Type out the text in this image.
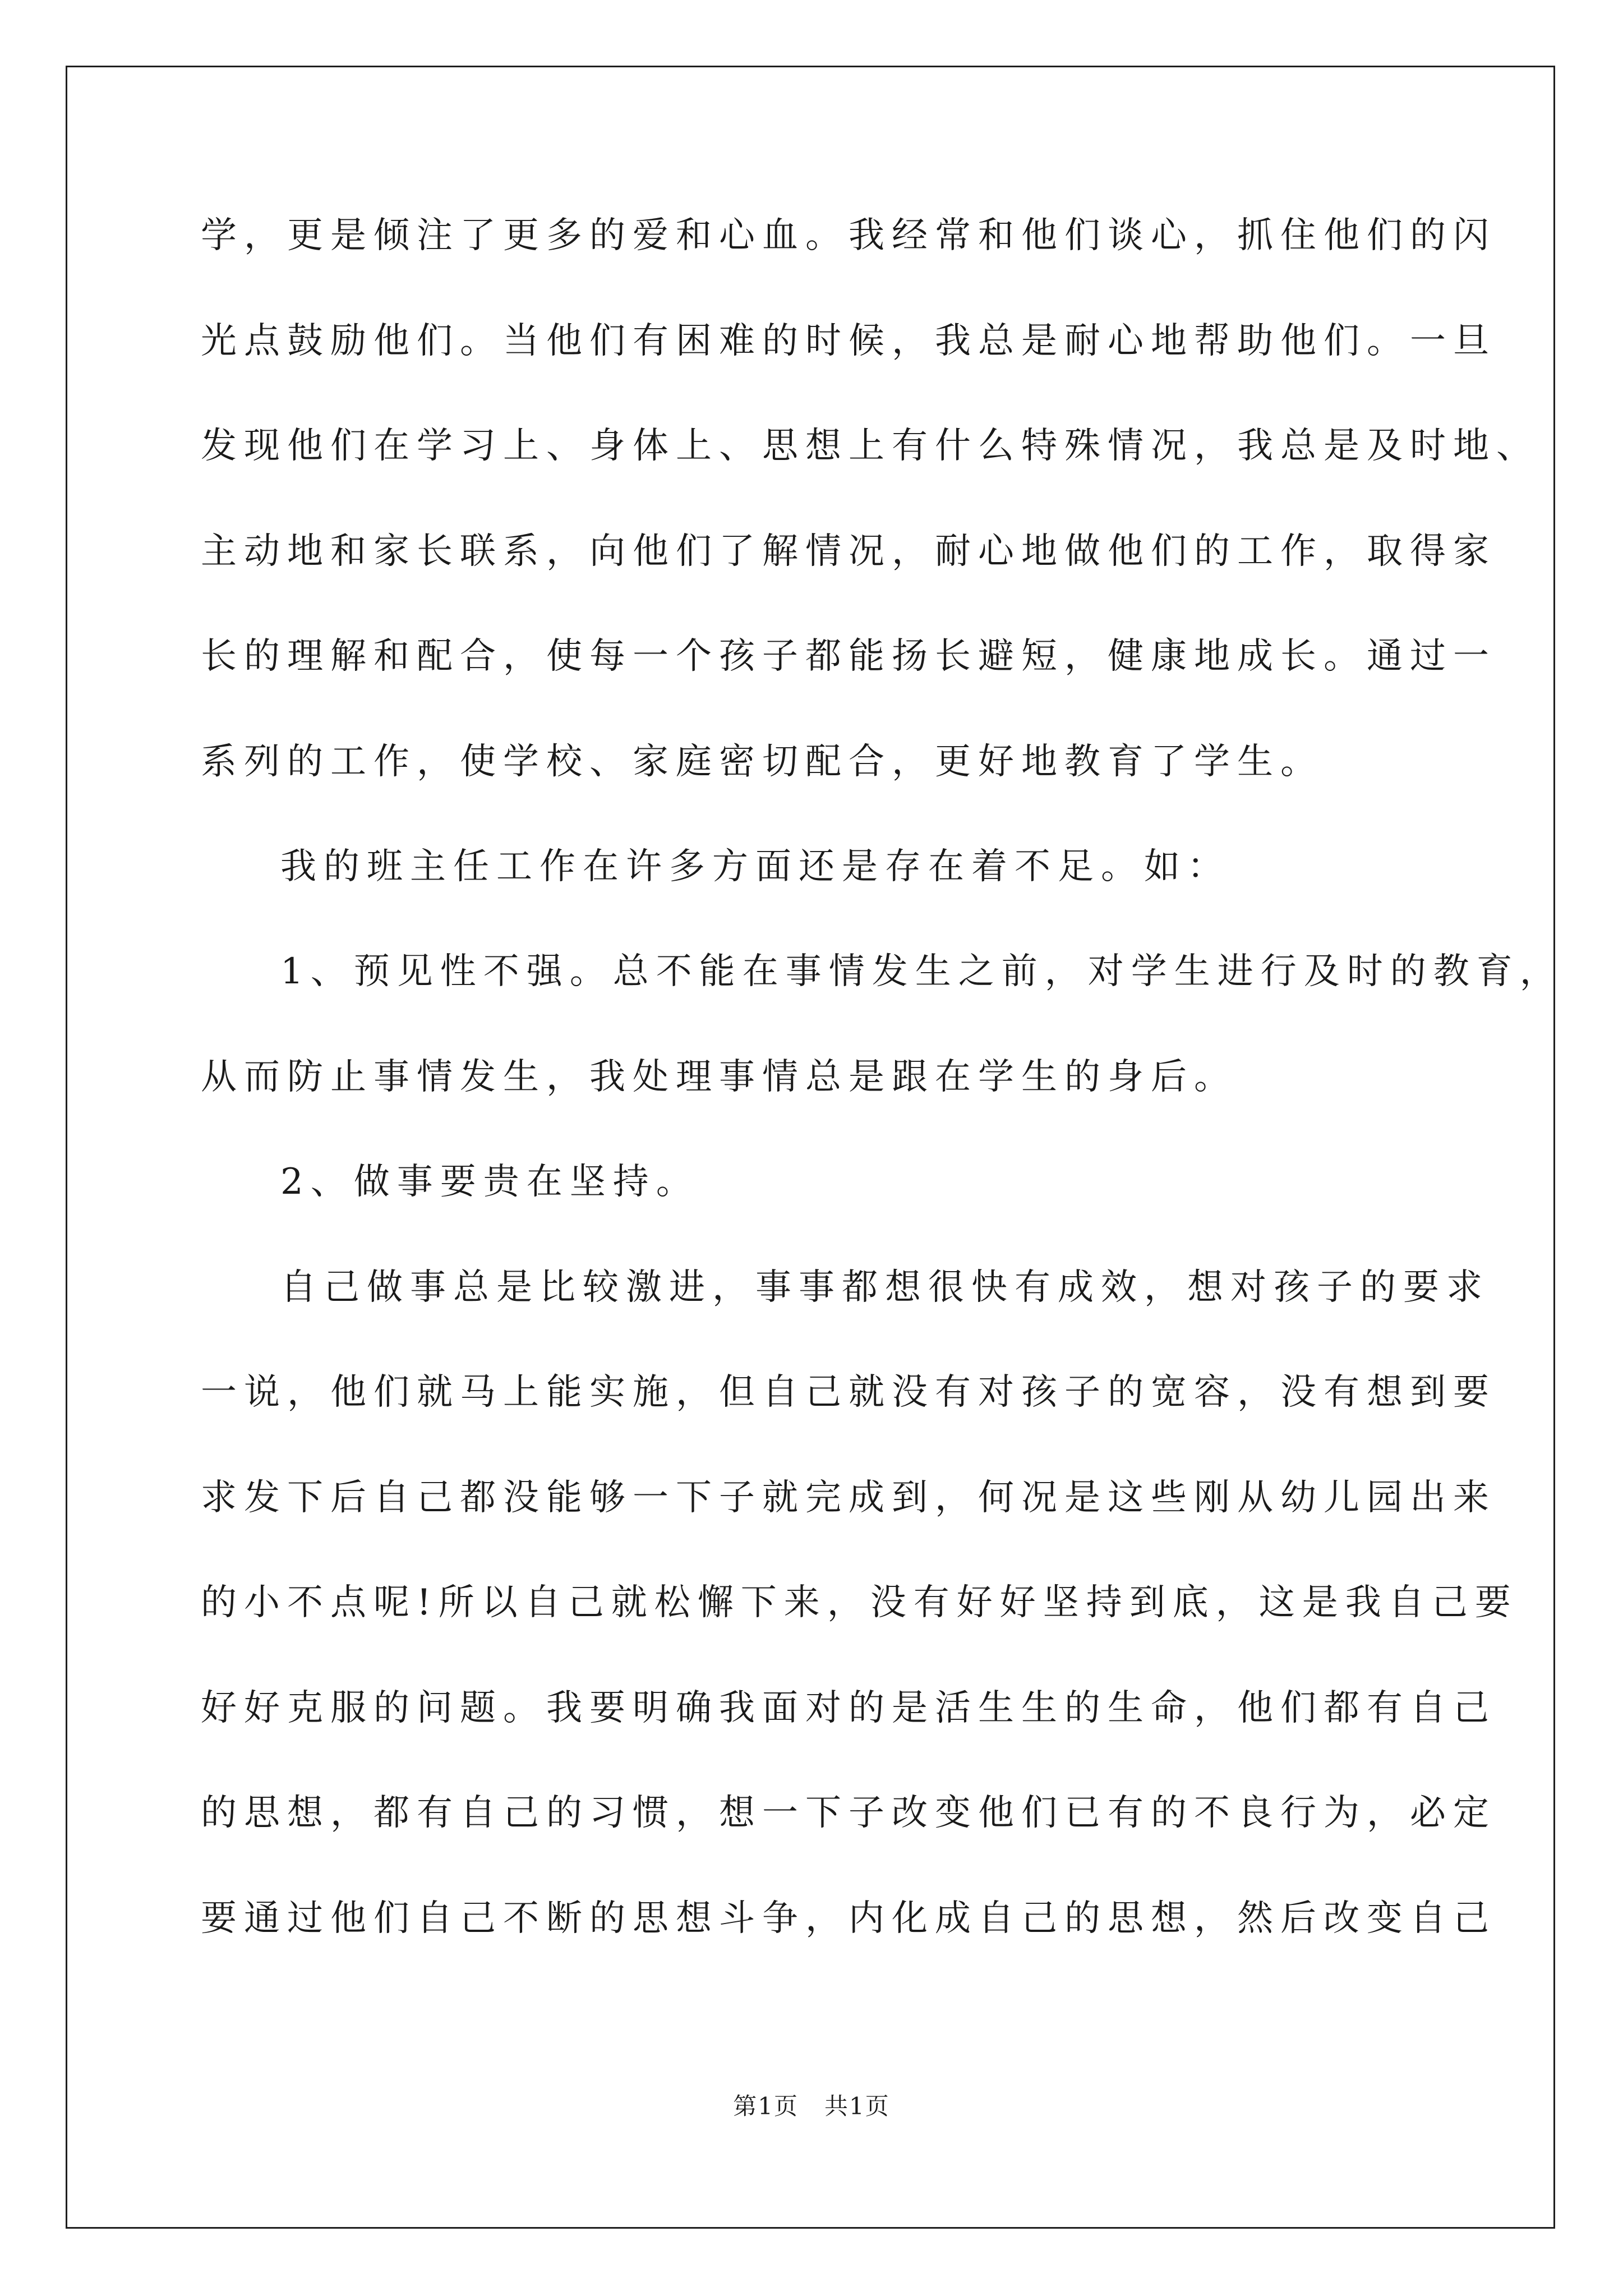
学，更是倾注了更多的爱和心血。我经常和他们谈心，抓住他们的闪
光点鼓励他们。当他们有困难的时候，我总是耐心地帮助他们。一旦
发现他们在学习上、身体上、思想上有什么特殊情况，我总是及时地、
主动地和家长联系，向他们了解情况，耐心地做他们的工作，取得家
长的理解和配合，使每一个孩子都能扬长避短，健康地成长。通过一
系列的工作，使学校、家庭密切配合，更好地教育了学生。
我的班主任工作在许多方面还是存在着不足。如：
1、预见性不强。总不能在事情发生之前，对学生进行及时的教育，
从而防止事情发生，我处理事情总是跟在学生的身后。
2、做事要贵在坚持。
自己做事总是比较激进，事事都想很快有成效，想对孩子的要求
一说，他们就马上能实施，但自己就没有对孩子的宽容，没有想到要
求发下后自己都没能够一下子就完成到，何况是这些刚从幼儿园出来
的小不点呢!所以自己就松懈下来，没有好好坚持到底，这是我自己要
好好克服的问题。我要明确我面对的是活生生的生命，他们都有自己
的思想，都有自己的习惯，想一下子改变他们已有的不良行为，必定
要通过他们自己不断的思想斗争，内化成自己的思想，然后改变自己
第1页   共1页
